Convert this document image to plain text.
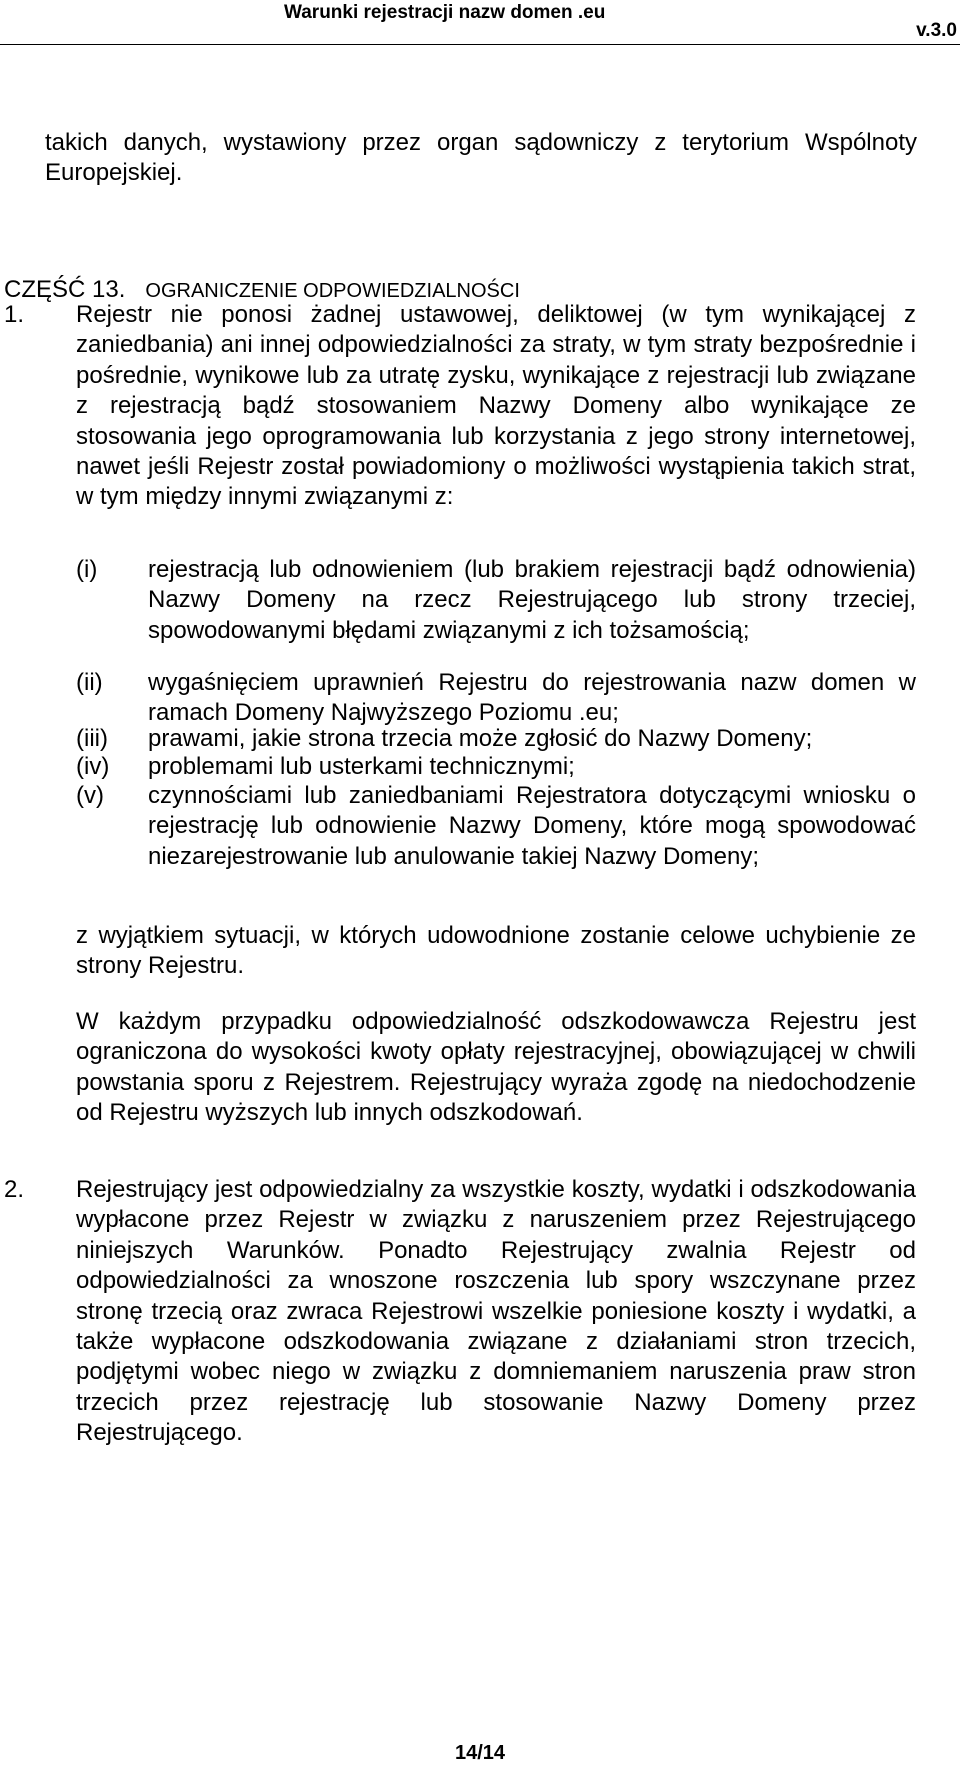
Warunki rejestracji nazw domen .eu
v.3.0

takich danych, wystawiony przez organ sądowniczy z terytorium Wspólnoty Europejskiej.

CZĘŚĆ 13. OGRANICZENIE ODPOWIEDZIALNOŚCI
1. Rejestr nie ponosi żadnej ustawowej, deliktowej (w tym wynikającej z zaniedbania) ani innej odpowiedzialności za straty, w tym straty bezpośrednie i pośrednie, wynikowe lub za utratę zysku, wynikające z rejestracji lub związane z rejestracją bądź stosowaniem Nazwy Domeny albo wynikające ze stosowania jego oprogramowania lub korzystania z jego strony internetowej, nawet jeśli Rejestr został powiadomiony o możliwości wystąpienia takich strat, w tym między innymi związanymi z:

(i) rejestracją lub odnowieniem (lub brakiem rejestracji bądź odnowienia) Nazwy Domeny na rzecz Rejestrującego lub strony trzeciej, spowodowanymi błędami związanymi z ich tożsamością;

(ii) wygaśnięciem uprawnień Rejestru do rejestrowania nazw domen w ramach Domeny Najwyższego Poziomu .eu;

(iii) prawami, jakie strona trzecia może zgłosić do Nazwy Domeny;

(iv) problemami lub usterkami technicznymi;

(v) czynnościami lub zaniedbaniami Rejestratora dotyczącymi wniosku o rejestrację lub odnowienie Nazwy Domeny, które mogą spowodować niezarejestrowanie lub anulowanie takiej Nazwy Domeny;

z wyjątkiem sytuacji, w których udowodnione zostanie celowe uchybienie ze strony Rejestru.

W każdym przypadku odpowiedzialność odszkodowawcza Rejestru jest ograniczona do wysokości kwoty opłaty rejestracyjnej, obowiązującej w chwili powstania sporu z Rejestrem. Rejestrujący wyraża zgodę na niedochodzenie od Rejestru wyższych lub innych odszkodowań.

2. Rejestrujący jest odpowiedzialny za wszystkie koszty, wydatki i odszkodowania wypłacone przez Rejestr w związku z naruszeniem przez Rejestrującego niniejszych Warunków. Ponadto Rejestrujący zwalnia Rejestr od odpowiedzialności za wnoszone roszczenia lub spory wszczynane przez stronę trzecią oraz zwraca Rejestrowi wszelkie poniesione koszty i wydatki, a także wypłacone odszkodowania związane z działaniami stron trzecich, podjętymi wobec niego w związku z domniemaniem naruszenia praw stron trzecich przez rejestrację lub stosowanie Nazwy Domeny przez Rejestrującego.

14/14
